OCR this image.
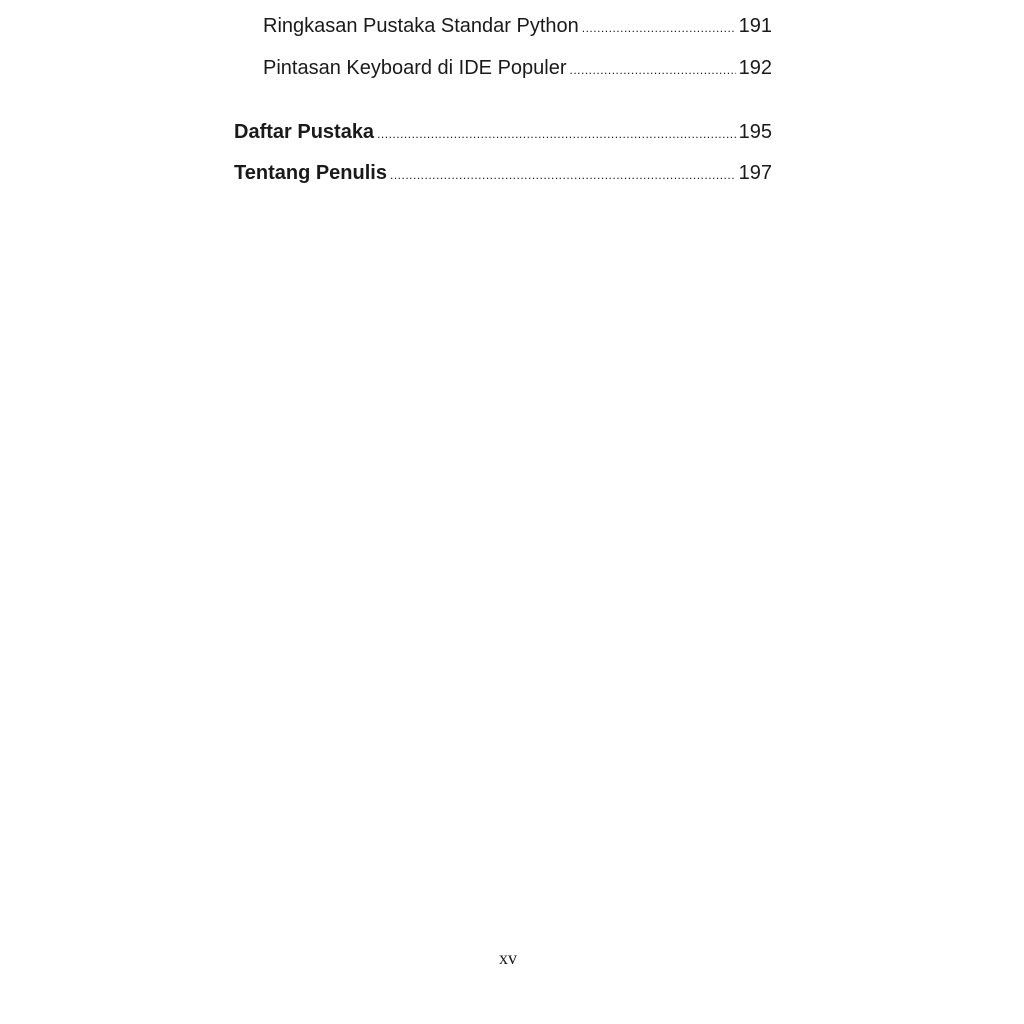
Ringkasan Pustaka Standar Python .....	191
Pintasan Keyboard di IDE Populer .....	192
Daftar Pustaka .....	195
Tentang Penulis .....	197
xv
